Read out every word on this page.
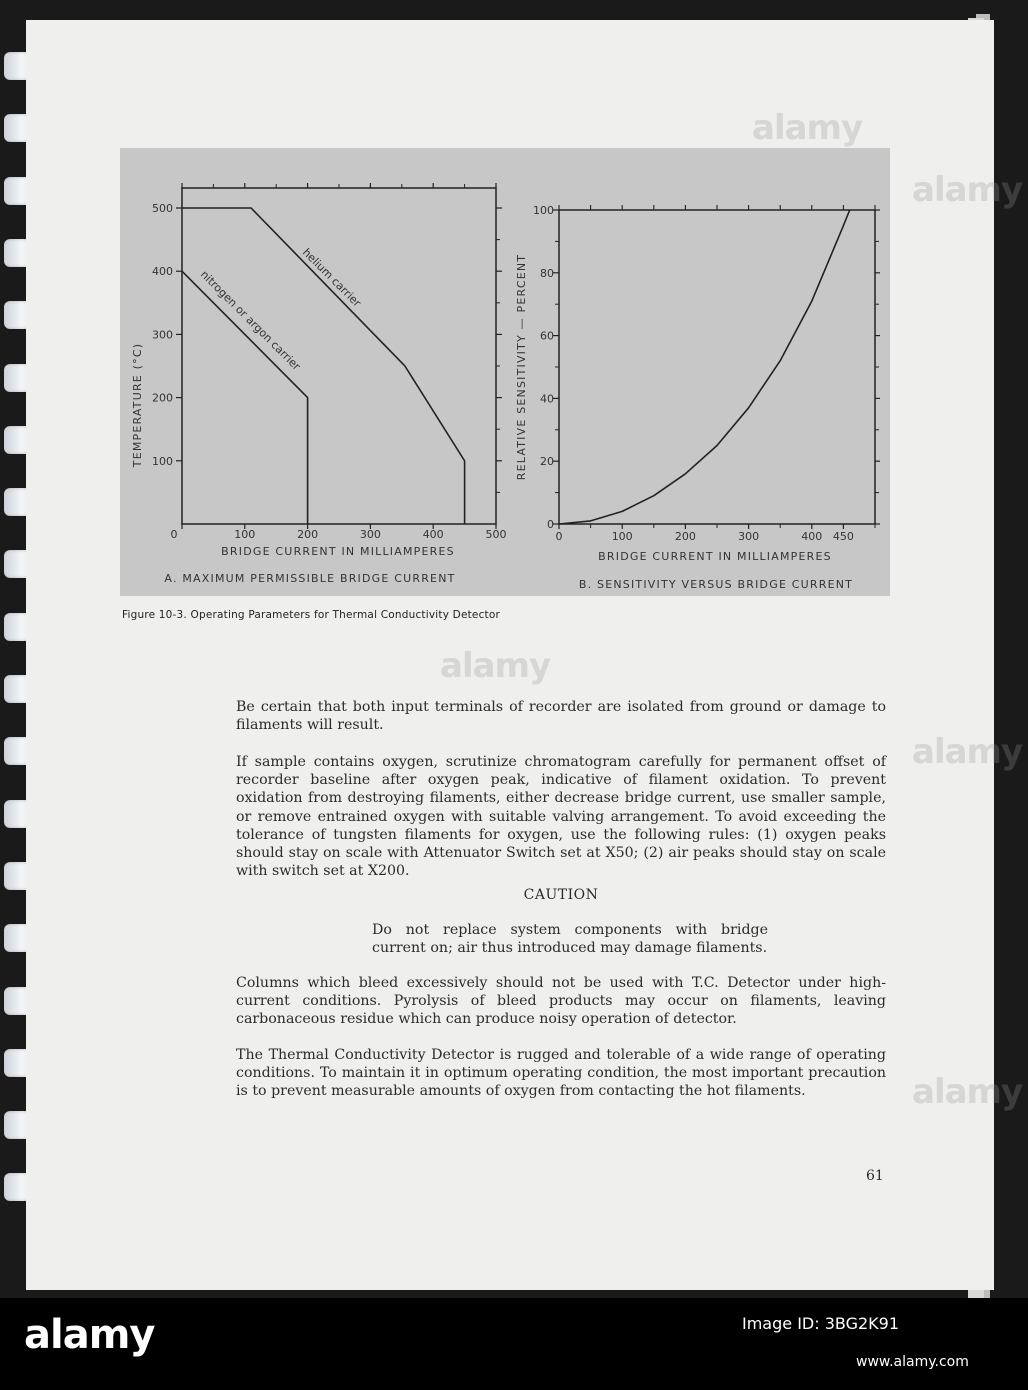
100
200
300
400
500
0	100	200	300	400	500
TEMPERATURE (°C)
BRIDGE CURRENT IN MILLIAMPERES
A. MAXIMUM PERMISSIBLE BRIDGE CURRENT
helium carrier
nitrogen or argon carrier
0
20
40
60
80
100
0	100	200	300	400 450
RELATIVE SENSITIVITY — PERCENT
BRIDGE CURRENT IN MILLIAMPERES
B. SENSITIVITY VERSUS BRIDGE CURRENT
Figure 10-3. Operating Parameters for Thermal Conductivity Detector

Be certain that both input terminals of recorder are isolated from ground or damage to filaments will result.

If sample contains oxygen, scrutinize chromatogram carefully for permanent offset of recorder baseline after oxygen peak, indicative of filament oxidation. To prevent oxidation from destroying filaments, either decrease bridge current, use smaller sample, or remove entrained oxygen with suitable valving arrangement. To avoid exceeding the tolerance of tungsten filaments for oxygen, use the following rules: (1) oxygen peaks should stay on scale with Attenuator Switch set at X50; (2) air peaks should stay on scale with switch set at X200.

CAUTION

Do not replace system components with bridge current on; air thus introduced may damage filaments.

Columns which bleed excessively should not be used with T.C. Detector under high-current conditions. Pyrolysis of bleed products may occur on filaments, leaving carbonaceous residue which can produce noisy operation of detector.

The Thermal Conductivity Detector is rugged and tolerable of a wide range of operating conditions. To maintain it in optimum operating condition, the most important precaution is to prevent measurable amounts of oxygen from contacting the hot filaments.

61
alamy
alamy
alamy
alamy
alamy
alamy	Image ID: 3BG2K91
www.alamy.com
